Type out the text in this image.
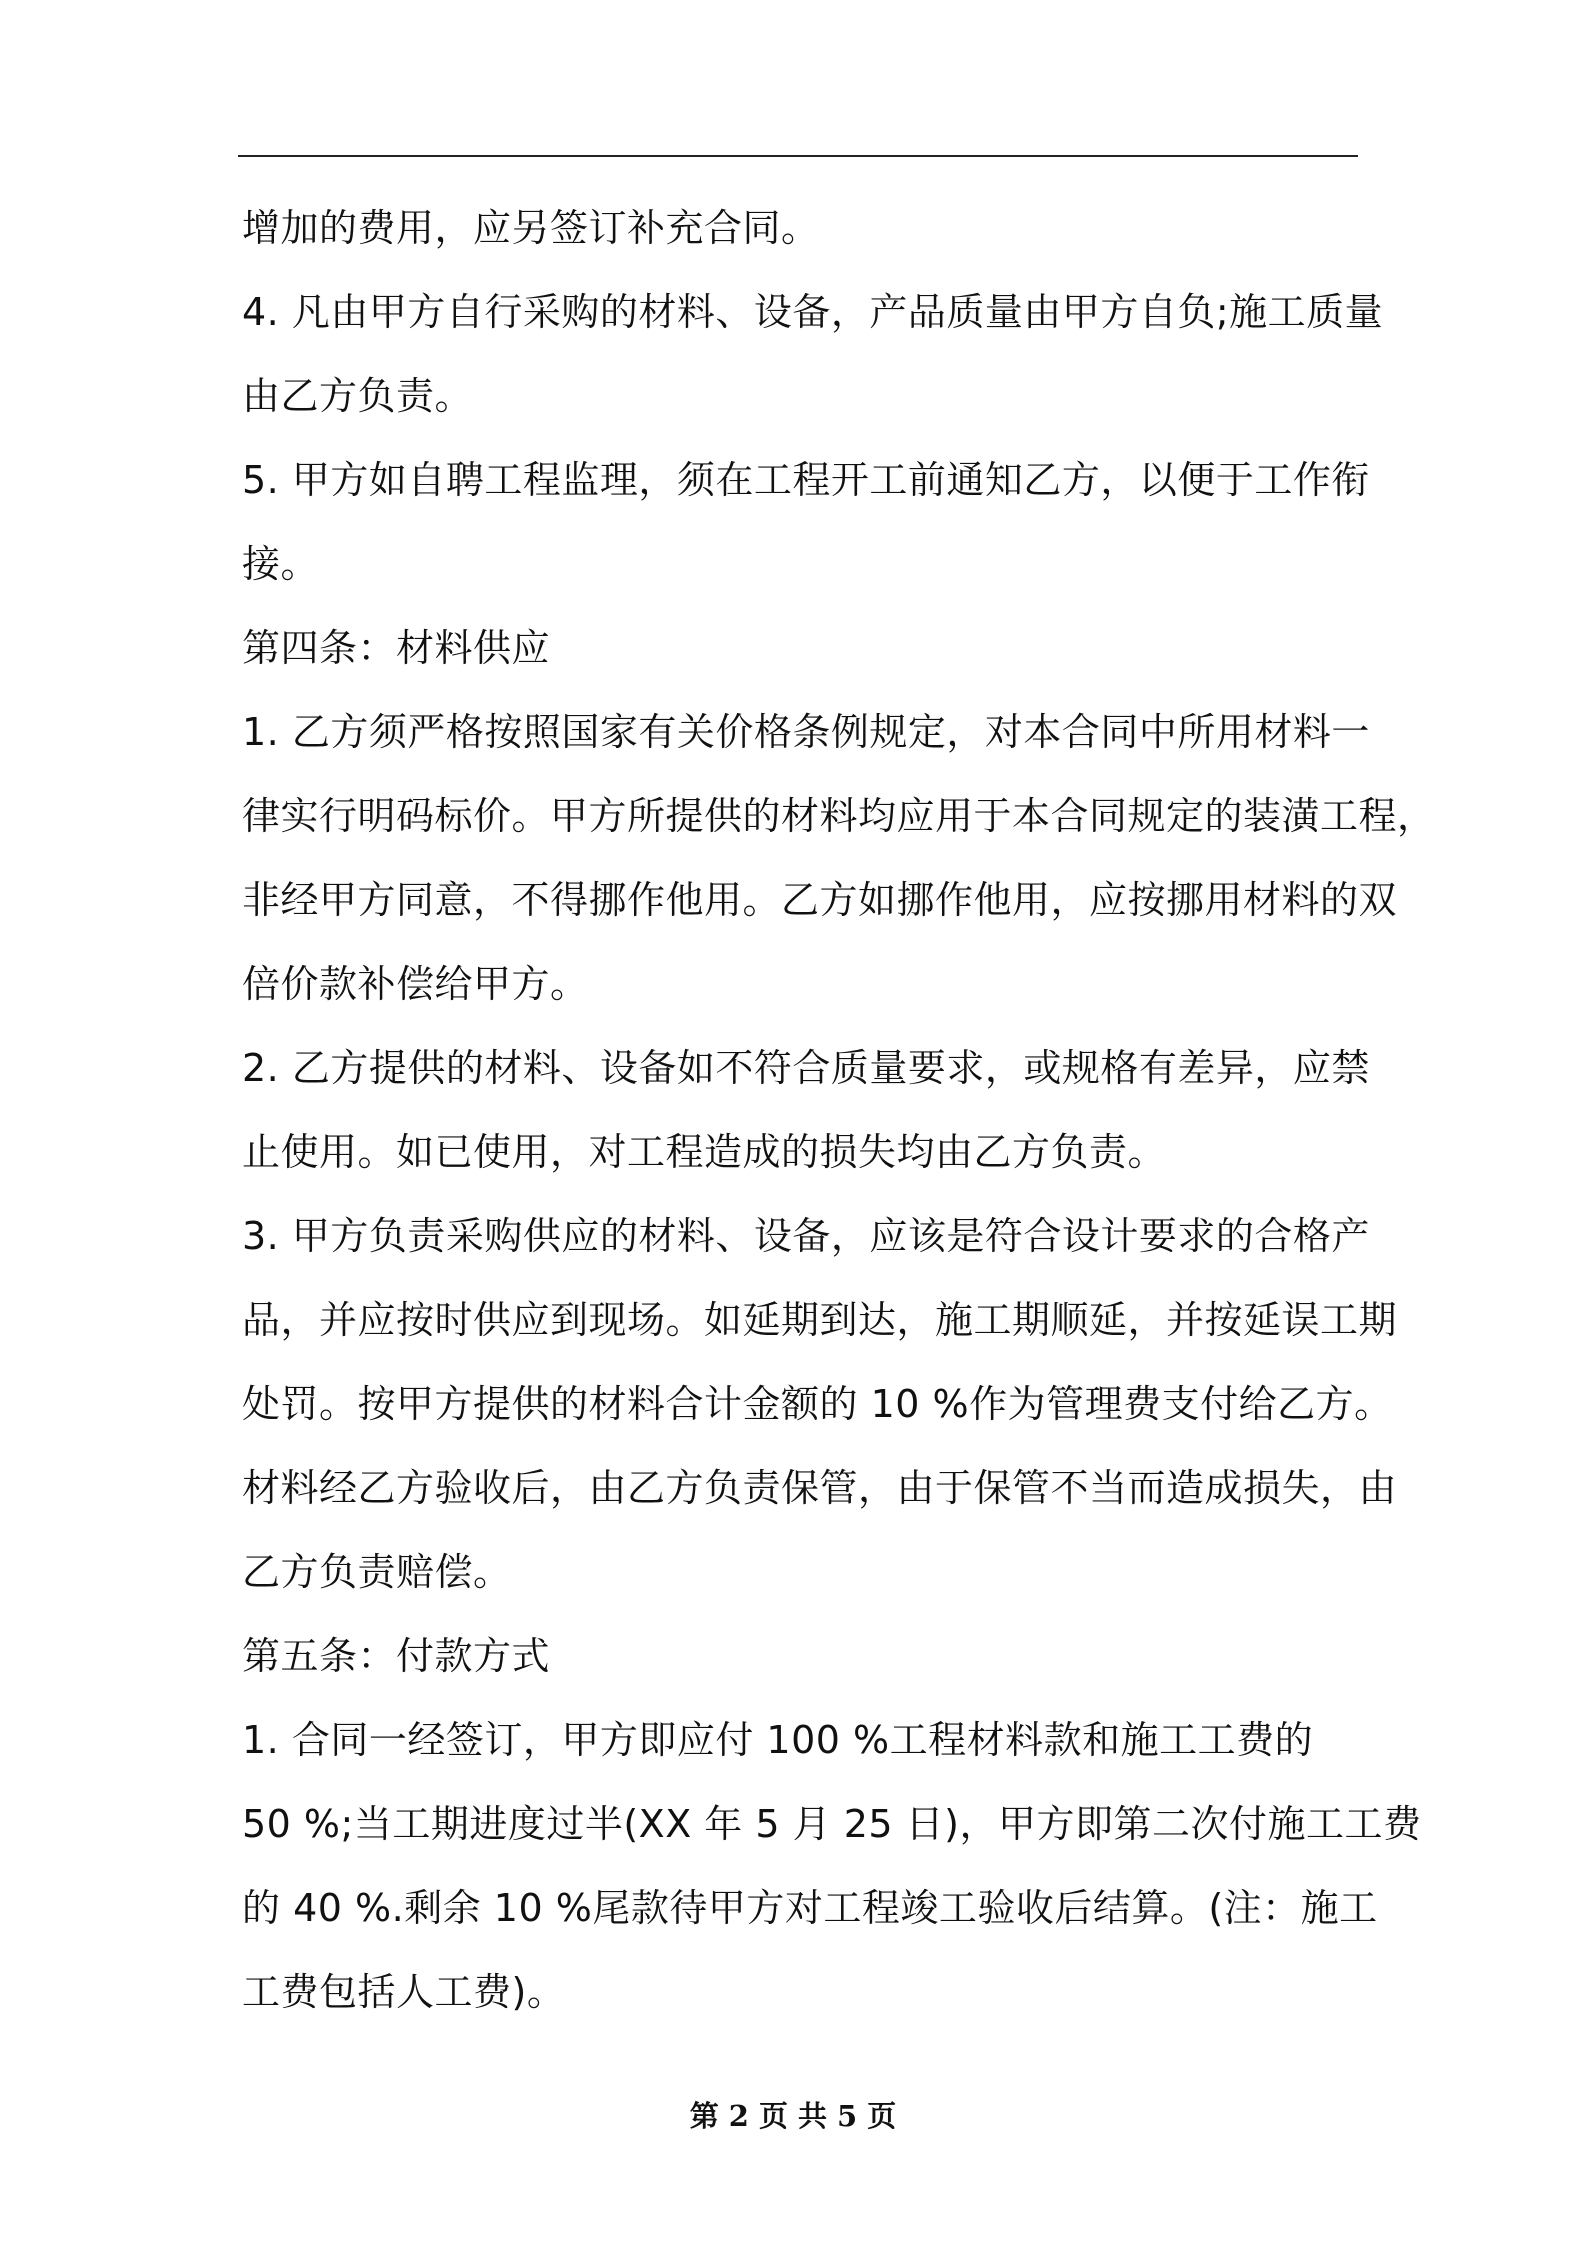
增加的费用，应另签订补充合同。
4. 凡由甲方自行采购的材料、设备，产品质量由甲方自负;施工质量
由乙方负责。
5. 甲方如自聘工程监理，须在工程开工前通知乙方，以便于工作衔
接。
第四条：材料供应
1. 乙方须严格按照国家有关价格条例规定，对本合同中所用材料一
律实行明码标价。甲方所提供的材料均应用于本合同规定的装潢工程，
非经甲方同意，不得挪作他用。乙方如挪作他用，应按挪用材料的双
倍价款补偿给甲方。
2. 乙方提供的材料、设备如不符合质量要求，或规格有差异，应禁
止使用。如已使用，对工程造成的损失均由乙方负责。
3. 甲方负责采购供应的材料、设备，应该是符合设计要求的合格产
品，并应按时供应到现场。如延期到达，施工期顺延，并按延误工期
处罚。按甲方提供的材料合计金额的 10 %作为管理费支付给乙方。
材料经乙方验收后，由乙方负责保管，由于保管不当而造成损失，由
乙方负责赔偿。
第五条：付款方式
1. 合同一经签订，甲方即应付 100 %工程材料款和施工工费的
50 %;当工期进度过半(XX 年 5 月 25 日)，甲方即第二次付施工工费
的 40 %.剩余 10 %尾款待甲方对工程竣工验收后结算。(注：施工
工费包括人工费)。
第 2 页 共 5 页
